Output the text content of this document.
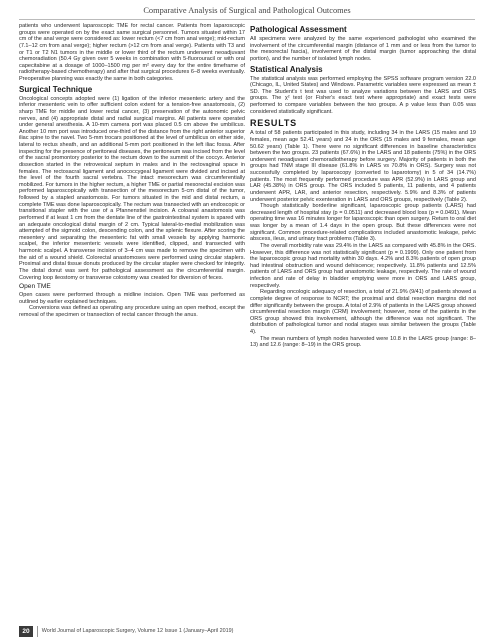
Comparative Analysis of Surgical and Pathological Outcomes

patients who underwent laparoscopic TME for rectal cancer. Patients from laparoscopic groups were operated on by the exact same surgical personnel. Tumors situated within 17 cm of the anal verge were considered as: lower rectum (<7 cm from anal verge); mid-rectum (7.1–12 cm from anal verge); higher rectum (>12 cm from anal verge). Patients with T3 and or T1 or T2 N1 tumors in the middle or lower third of the rectum underwent neoadjuvant chemoradiation (50.4 Gy given over 5 weeks in combination with 5-fluorouracil or with oral capecitabine at a dosage of 1000–1500 mg per m² every day for the entire timeframe of radiotherapy-based chemotherapy) and after that surgical procedures 6–8 weeks eventually. Preoperative planning was exactly the same in both categories.

Surgical Technique

Oncological concepts adopted were (1) ligation of the inferior mesenteric artery and the inferior mesenteric vein to offer sufficient colon extent for a tension-free anastomosis, (2) sharp TME for middle and lower rectal cancer, (3) preservation of the autonomic pelvic nerves, and (4) appropriate distal and radial surgical margins. All patients were operated under general anesthesia. A 10-mm camera port was placed 0.5 cm above the umbilicus. Another 10 mm port was introduced one-third of the distance from the right anterior superior iliac spine to the navel. Two 5-mm trocars positioned at the level of umbilicus on either side, lateral to rectus sheath, and an additional 5-mm port positioned in the left iliac fossa. After inspecting for the presence of peritoneal diseases, the peritoneum was incised from the level of the sacral promontory posterior to the rectum down to the summit of the coccyx. Anterior dissection started in the retrovesical septum in males and in the rectovaginal space in females. The rectosacral ligament and anococcygeal ligament were divided and incised at the level of the fourth sacral vertebra. The intact mesorectum was circumferentially mobilized. For tumors in the higher rectum, a higher TME or partial mesorectal excision was performed laparoscopically with transection of the mesorectum 5-cm distal of the tumor, followed by a stapled anastomosis. For tumors situated in the mid and distal rectum, a complete TME was done laparoscopically. The rectum was transected with an endoscopic or transitional stapler with the use of a Pfannenstiel incision. A coloanal anastomosis was performed if at least 1 cm from the dentate line of the gastrointestinal system is spared with an adequate oncological distal margin of 2 cm. Typical lateral-to-medial mobilization was attempted of the sigmoid colon, descending colon, and the splenic flexure. After scoring the mesentery and separating the mesenteric fat with small vessels by applying harmonic scalpel, the inferior mesenteric vessels were identified, clipped, and transected with harmonic scalpel. A transverse incision of 3–4 cm was made to remove the specimen with the aid of a wound shield. Colorectal anastomoses were performed using circular staplers. Proximal and distal tissue donuts produced by the circular stapler were checked for integrity. The distal donut was sent for pathological assessment as the circumferential margin. Covering loop ileostomy or transverse colostomy was created for diversion of feces.

Open TME

Open cases were performed through a midline incision. Open TME was performed as outlined by earlier explained techniques.

Conversions was defined as operating any procedure using an open method, except the removal of the specimen or transection of rectal cancer through the anus.

Pathological Assessment

All specimens were analyzed by the same experienced pathologist who examined the involvement of the circumferential margin (distance of 1 mm and or less from the tumor to the mesorectal fascia), involvement of the distal margin (tumor approaching the distal portion), and the number of isolated lymph nodes.

Statistical Analysis

The statistical analysis was performed employing the SPSS software program version 22.0 (Chicago, IL, United States) and Windows. Parametric variables were expressed as mean ± SD. The Student's t test was used to analyze variations between the LARS and ORS groups. The χ² test (or Fisher's exact test where appropriate) and exact tests were performed to compare variables between the two groups. A p value less than 0.05 was considered statistically significant.

RESULTS

A total of 58 patients participated in this study, including 34 in the LARS (15 males and 19 females, mean age 52.41 years) and 24 in the ORS (15 males and 9 females, mean age 50.62 years) (Table 1). There were no significant differences in baseline characteristics between the two groups. 23 patients (67.6%) in the LARS and 18 patients (75%) in the ORS underwent neoadjuvant chemoradiotherapy before surgery. Majority of patients in both the groups had TNM stage III disease (61.8% in LARS vs 70.8% in ORS). Surgery was not successfully completed by laparoscopy (converted to laparotomy) in 5 of 34 (14.7%) patients. The most frequently performed procedure was APR (52.9%) in LARS group and LAR (45.38%) in ORS group. The ORS included 5 patients, 11 patients, and 4 patients underwent APR, LAR, and anterior resection, respectively. 5.9% and 8.3% of patients underwent posterior pelvic exenteration in LARS and ORS groups, respectively (Table 2).

Though statistically borderline significant, laparoscopic group patients (LARS) had decreased length of hospital stay (p = 0.0511) and decreased blood loss (p = 0.0491). Mean operating time was 16 minutes longer for laparoscopic than open surgery. Return to oral diet was longer by a mean of 1.4 days in the open group. But these differences were not significant. Common procedure-related complications included anastomotic leakage, pelvic abscess, ileus, and urinary tract problems (Table 3).

The overall morbidity rate was 29.4% in the LARS as compared with 45.8% in the ORS. However, this difference was not statistically significant (p = 0.1999). Only one patient from the laparoscopic group had mortality within 30 days. 4.2% and 8.3% patients of open group had intestinal obstruction and wound dehiscence; respectively. 11.8% patients and 12.5% patients of LARS and ORS group had anastomotic leakage, respectively. The rate of wound infection and rate of delay in bladder emptying were more in ORS and LARS group, respectively.

Regarding oncologic adequacy of resection, a total of 21.9% (9/41) of patients showed a complete degree of response to NCRT; the proximal and distal resection margins did not differ significantly between the groups. A total of 2.9% of patients in the LARS group showed circumferential resection margin (CRM) involvement; however, none of the patients in the ORS group showed this involvement, although the difference was not significant. The distribution of pathological tumor and nodal stages was similar between the groups (Table 4).

The mean numbers of lymph nodes harvested were 10.8 in the LARS group (range: 8–13) and 12.6 (range: 8–19) in the ORS group.

20	World Journal of Laparoscopic Surgery, Volume 12 Issue 1 (January–April 2019)
